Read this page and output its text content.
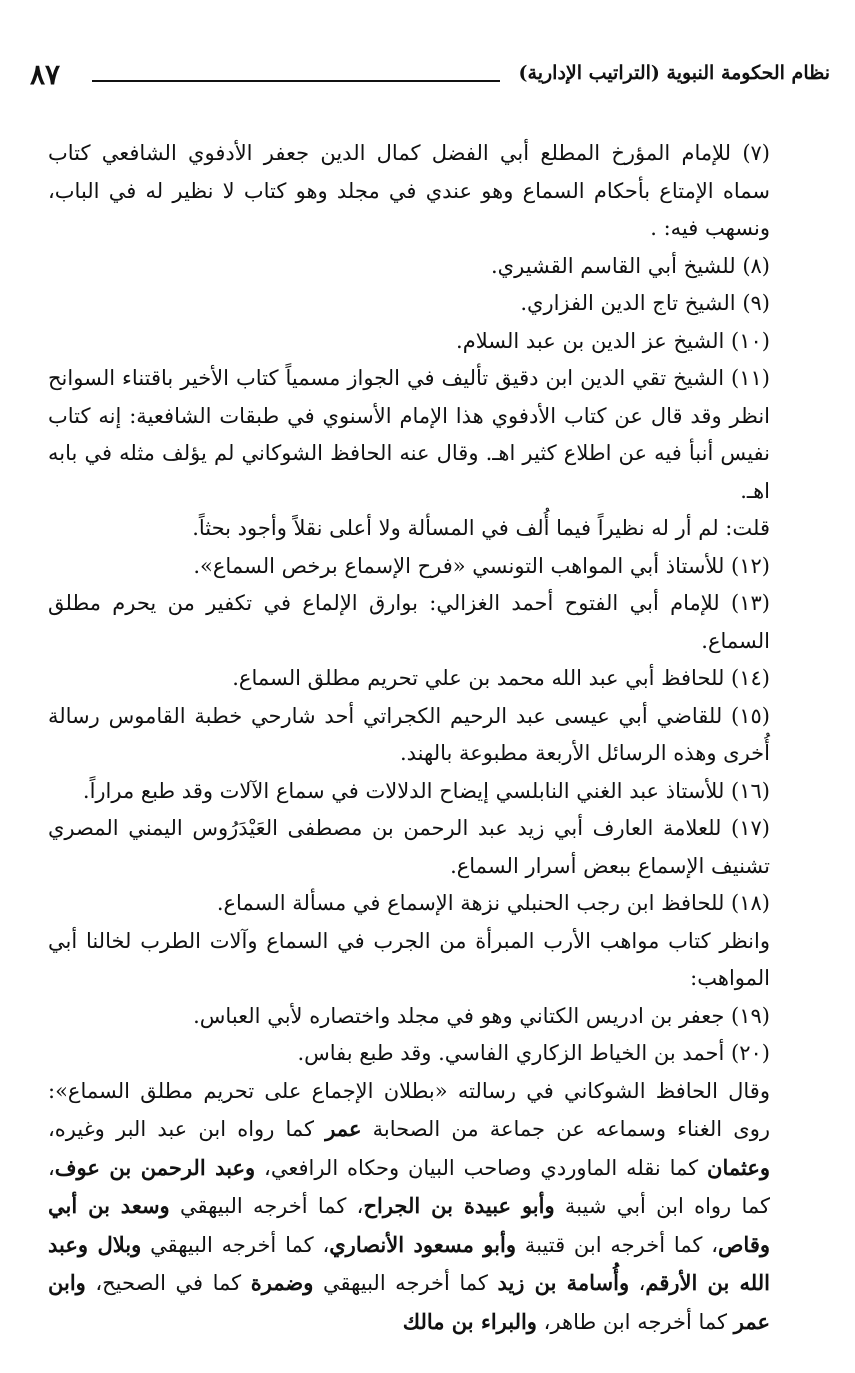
نظام الحكومة النبوية (التراتيب الإدارية)
٨٧

(٧) للإمام المؤرخ المطلع أبي الفضل كمال الدين جعفر الأدفوي الشافعي كتاب سماه الإمتاع بأحكام السماع وهو عندي في مجلد وهو كتاب لا نظير له في الباب، ونسهب فيه: .

(٨) للشيخ أبي القاسم القشيري.

(٩) الشيخ تاج الدين الفزاري.

(١٠) الشيخ عز الدين بن عبد السلام.

(١١) الشيخ تقي الدين ابن دقيق تأليف في الجواز مسمياً كتاب الأخير باقتناء السوانح انظر وقد قال عن كتاب الأدفوي هذا الإمام الأسنوي في طبقات الشافعية: إنه كتاب نفيس أنبأ فيه عن اطلاع كثير اهـ. وقال عنه الحافظ الشوكاني لم يؤلف مثله في بابه اهـ.

قلت: لم أر له نظيراً فيما أُلف في المسألة ولا أعلى نقلاً وأجود بحثاً.

(١٢) للأستاذ أبي المواهب التونسي «فرح الإسماع برخص السماع».

(١٣) للإمام أبي الفتوح أحمد الغزالي: بوارق الإلماع في تكفير من يحرم مطلق السماع.

(١٤) للحافظ أبي عبد الله محمد بن علي تحريم مطلق السماع.

(١٥) للقاضي أبي عيسى عبد الرحيم الكجراتي أحد شارحي خطبة القاموس رسالة أُخرى وهذه الرسائل الأربعة مطبوعة بالهند.

(١٦) للأستاذ عبد الغني النابلسي إيضاح الدلالات في سماع الآلات وقد طبع مراراً.

(١٧) للعلامة العارف أبي زيد عبد الرحمن بن مصطفى العَيْدَرُوس اليمني المصري تشنيف الإسماع ببعض أسرار السماع.

(١٨) للحافظ ابن رجب الحنبلي نزهة الإسماع في مسألة السماع.

وانظر كتاب مواهب الأرب المبرأة من الجرب في السماع وآلات الطرب لخالنا أبي المواهب:

(١٩) جعفر بن ادريس الكتاني وهو في مجلد واختصاره لأبي العباس.

(٢٠) أحمد بن الخياط الزكاري الفاسي. وقد طبع بفاس.

وقال الحافظ الشوكاني في رسالته «بطلان الإجماع على تحريم مطلق السماع»: روى الغناء وسماعه عن جماعة من الصحابة عمر كما رواه ابن عبد البر وغيره، وعثمان كما نقله الماوردي وصاحب البيان وحكاه الرافعي، وعبد الرحمن بن عوف، كما رواه ابن أبي شيبة وأبو عبيدة بن الجراح، كما أخرجه البيهقي وسعد بن أبي وقاص، كما أخرجه ابن قتيبة وأبو مسعود الأنصاري، كما أخرجه البيهقي وبلال وعبد الله بن الأرقم، وأُسامة بن زيد كما أخرجه البيهقي وضمرة كما في الصحيح، وابن عمر كما أخرجه ابن طاهر، والبراء بن مالك
